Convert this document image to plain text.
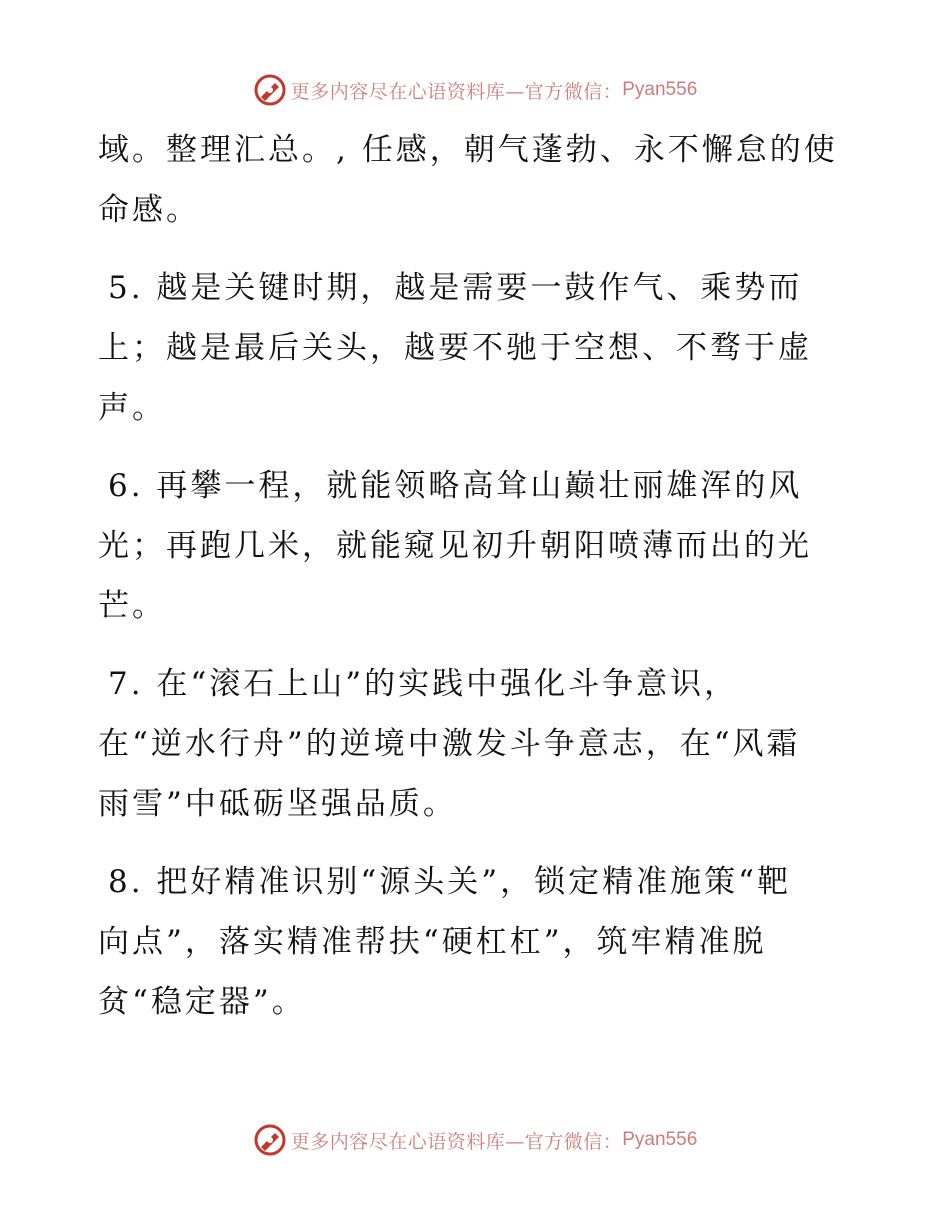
更多内容尽在心语资料库—官方微信： Pyan556
域。整理汇总。, 任感，朝气蓬勃、永不懈怠的使
命感。
5. 越是关键时期，越是需要一鼓作气、乘势而
上；越是最后关头，越要不驰于空想、不骛于虚
声。
6. 再攀一程，就能领略高耸山巅壮丽雄浑的风
光；再跑几米，就能窥见初升朝阳喷薄而出的光
芒。
7. 在“滚石上山”的实践中强化斗争意识，
在“逆水行舟”的逆境中激发斗争意志，在“风霜
雨雪”中砥砺坚强品质。
8. 把好精准识别“源头关”，锁定精准施策“靶
向点”，落实精准帮扶“硬杠杠”，筑牢精准脱
贫“稳定器”。
更多内容尽在心语资料库—官方微信： Pyan556
